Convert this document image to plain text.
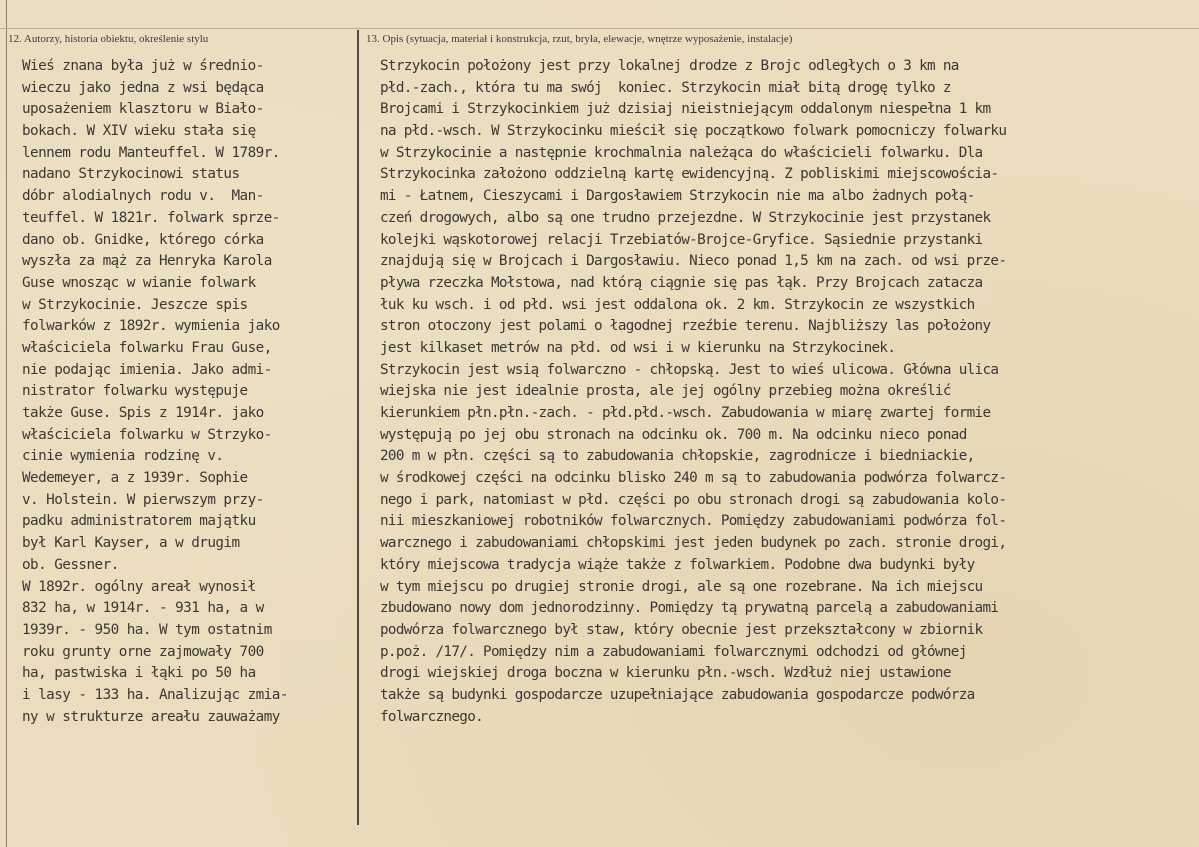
12. Autorzy, historia obiektu, określenie stylu	13. Opis (sytuacja, materiał i konstrukcja, rzut, bryła, elewacje, wnętrze wyposażenie, instalacje)
Wieś znana była już w średnio-
wieczu jako jedna z wsi będąca
uposażeniem klasztoru w Biało-
bokach. W XIV wieku stała się
lennem rodu Manteuffel. W 1789r.
nadano Strzykocinowi status
dóbr alodialnych rodu v.  Man-
teuffel. W 1821r. folwark sprze-
dano ob. Gnidke, którego córka
wyszła za mąż za Henryka Karola
Guse wnosząc w wianie folwark
w Strzykocinie. Jeszcze spis
folwarków z 1892r. wymienia jako
właściciela folwarku Frau Guse,
nie podając imienia. Jako admi-
nistrator folwarku występuje
także Guse. Spis z 1914r. jako
właściciela folwarku w Strzyko-
cinie wymienia rodzinę v.
Wedemeyer, a z 1939r. Sophie
v. Holstein. W pierwszym przy-
padku administratorem majątku
był Karl Kayser, a w drugim
ob. Gessner.
W 1892r. ogólny areał wynosił
832 ha, w 1914r. - 931 ha, a w
1939r. - 950 ha. W tym ostatnim
roku grunty orne zajmowały 700
ha, pastwiska i łąki po 50 ha
i lasy - 133 ha. Analizując zmia-
ny w strukturze areału zauważamy
Strzykocin położony jest przy lokalnej drodze z Brojc odległych o 3 km na
płd.-zach., która tu ma swój  koniec. Strzykocin miał bitą drogę tylko z
Brojcami i Strzykocinkiem już dzisiaj nieistniejącym oddalonym niespełna 1 km
na płd.-wsch. W Strzykocinku mieścił się początkowo folwark pomocniczy folwarku
w Strzykocinie a następnie krochmalnia należąca do właścicieli folwarku. Dla
Strzykocinka założono oddzielną kartę ewidencyjną. Z pobliskimi miejscowościa-
mi - Łatnem, Cieszycami i Dargosławiem Strzykocin nie ma albo żadnych połą-
czeń drogowych, albo są one trudno przejezdne. W Strzykocinie jest przystanek
kolejki wąskotorowej relacji Trzebiatów-Brojce-Gryfice. Sąsiednie przystanki
znajdują się w Brojcach i Dargosławiu. Nieco ponad 1,5 km na zach. od wsi prze-
pływa rzeczka Mołstowa, nad którą ciągnie się pas łąk. Przy Brojcach zatacza
łuk ku wsch. i od płd. wsi jest oddalona ok. 2 km. Strzykocin ze wszystkich
stron otoczony jest polami o łagodnej rzeźbie terenu. Najbliższy las położony
jest kilkaset metrów na płd. od wsi i w kierunku na Strzykocinek.
Strzykocin jest wsią folwarczno - chłopską. Jest to wieś ulicowa. Główna ulica
wiejska nie jest idealnie prosta, ale jej ogólny przebieg można określić
kierunkiem płn.płn.-zach. - płd.płd.-wsch. Zabudowania w miarę zwartej formie
występują po jej obu stronach na odcinku ok. 700 m. Na odcinku nieco ponad
200 m w płn. części są to zabudowania chłopskie, zagrodnicze i biedniackie,
w środkowej części na odcinku blisko 240 m są to zabudowania podwórza folwarcz-
nego i park, natomiast w płd. części po obu stronach drogi są zabudowania kolo-
nii mieszkaniowej robotników folwarcznych. Pomiędzy zabudowaniami podwórza fol-
warcznego i zabudowaniami chłopskimi jest jeden budynek po zach. stronie drogi,
który miejscowa tradycja wiąże także z folwarkiem. Podobne dwa budynki były
w tym miejscu po drugiej stronie drogi, ale są one rozebrane. Na ich miejscu
zbudowano nowy dom jednorodzinny. Pomiędzy tą prywatną parcelą a zabudowaniami
podwórza folwarcznego był staw, który obecnie jest przekształcony w zbiornik
p.poż. /17/. Pomiędzy nim a zabudowaniami folwarcznymi odchodzi od głównej
drogi wiejskiej droga boczna w kierunku płn.-wsch. Wzdłuż niej ustawione
także są budynki gospodarcze uzupełniające zabudowania gospodarcze podwórza
folwarcznego.
